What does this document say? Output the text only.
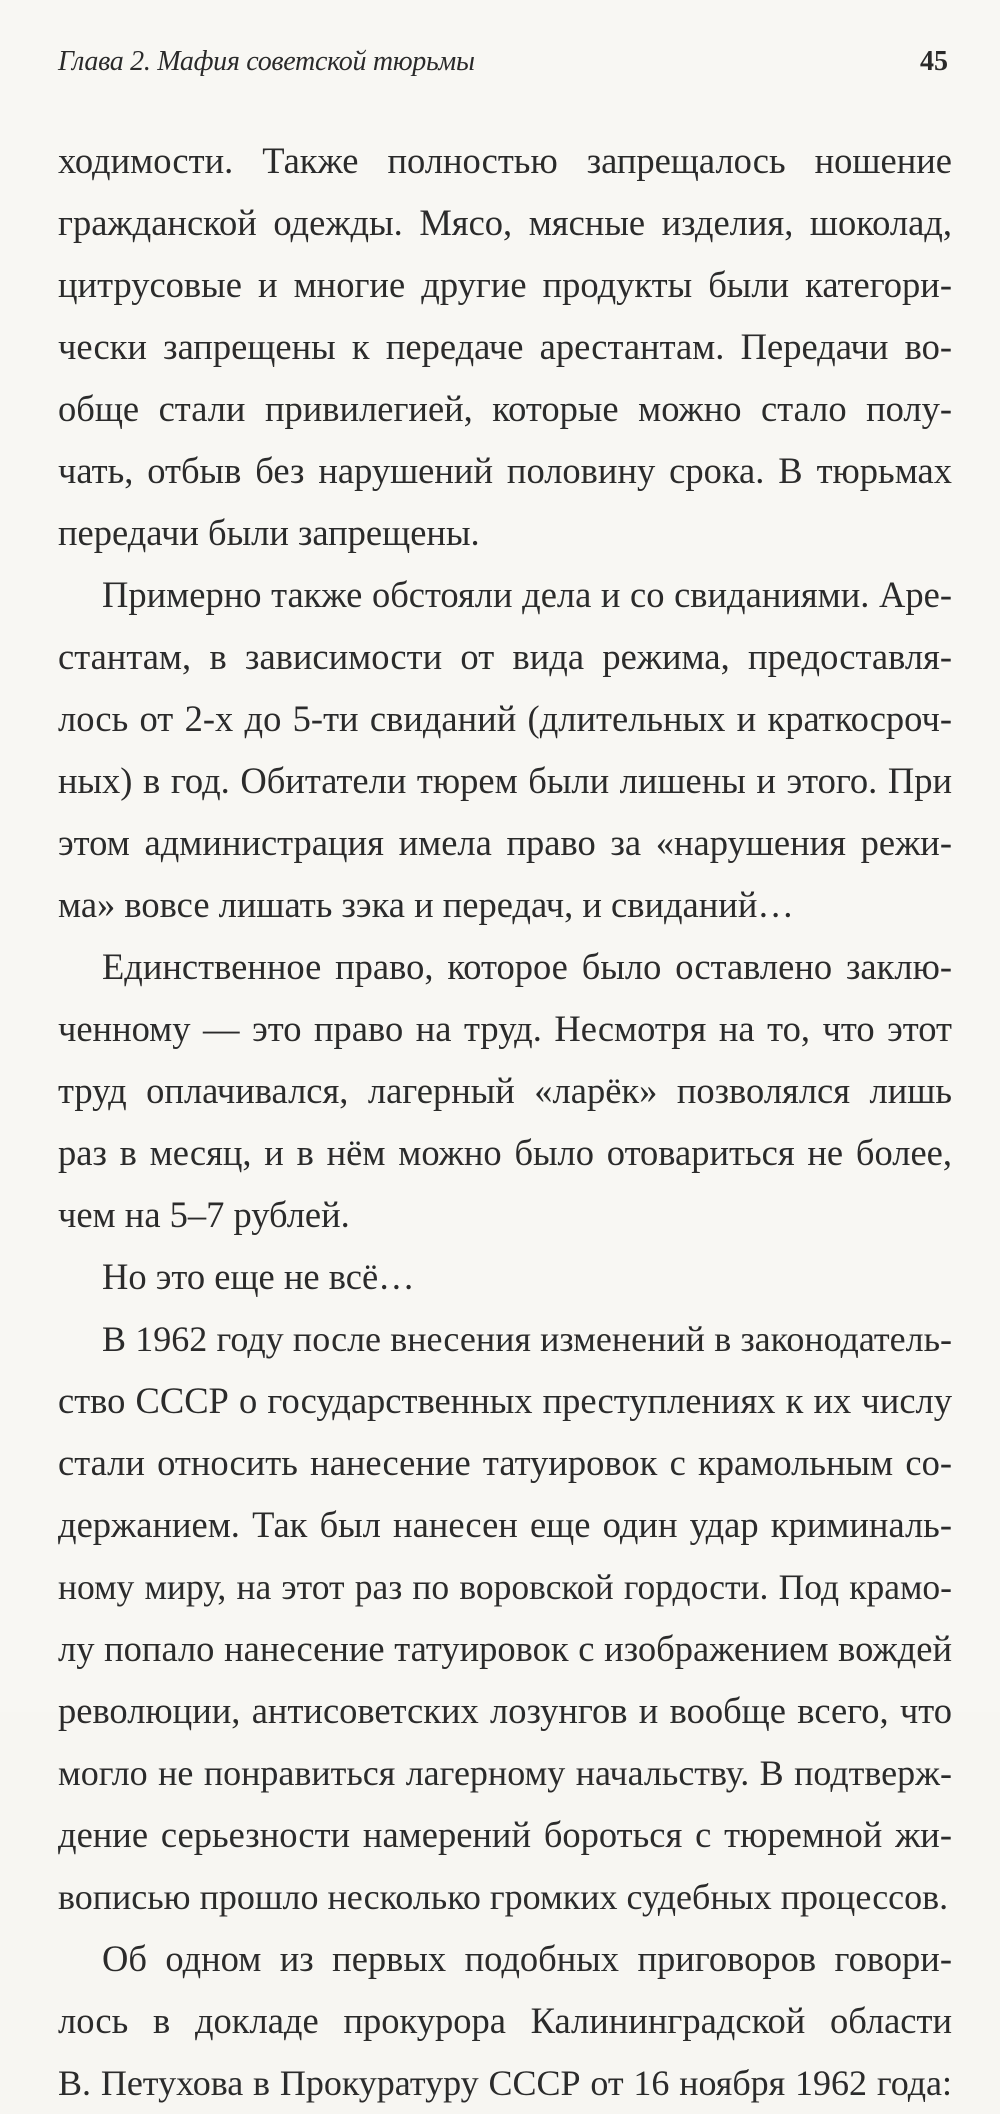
Глава 2. Мафия советской тюрьмы	45
ходимости. Также полностью запрещалось ношение
гражданской одежды. Мясо, мясные изделия, шоколад,
цитрусовые и многие другие продукты были категори-
чески запрещены к передаче арестантам. Передачи во-
обще стали привилегией, которые можно стало полу-
чать, отбыв без нарушений половину срока. В тюрьмах
передачи были запрещены.
Примерно также обстояли дела и со свиданиями. Аре-
стантам, в зависимости от вида режима, предоставля-
лось от 2-х до 5-ти свиданий (длительных и краткосроч-
ных) в год. Обитатели тюрем были лишены и этого. При
этом администрация имела право за «нарушения режи-
ма» вовсе лишать зэка и передач, и свиданий…
Единственное право, которое было оставлено заклю-
ченному — это право на труд. Несмотря на то, что этот
труд оплачивался, лагерный «ларёк» позволялся лишь
раз в месяц, и в нём можно было отовариться не более,
чем на 5–7 рублей.
Но это еще не всё…
В 1962 году после внесения изменений в законодатель-
ство СССР о государственных преступлениях к их числу
стали относить нанесение татуировок с крамольным со-
держанием. Так был нанесен еще один удар криминаль-
ному миру, на этот раз по воровской гордости. Под крамо-
лу попало нанесение татуировок с изображением вождей
революции, антисоветских лозунгов и вообще всего, что
могло не понравиться лагерному начальству. В подтверж-
дение серьезности намерений бороться с тюремной жи-
вописью прошло несколько громких судебных процессов.
Об одном из первых подобных приговоров говори-
лось в докладе прокурора Калининградской области
В. Петухова в Прокуратуру СССР от 16 ноября 1962 года:
